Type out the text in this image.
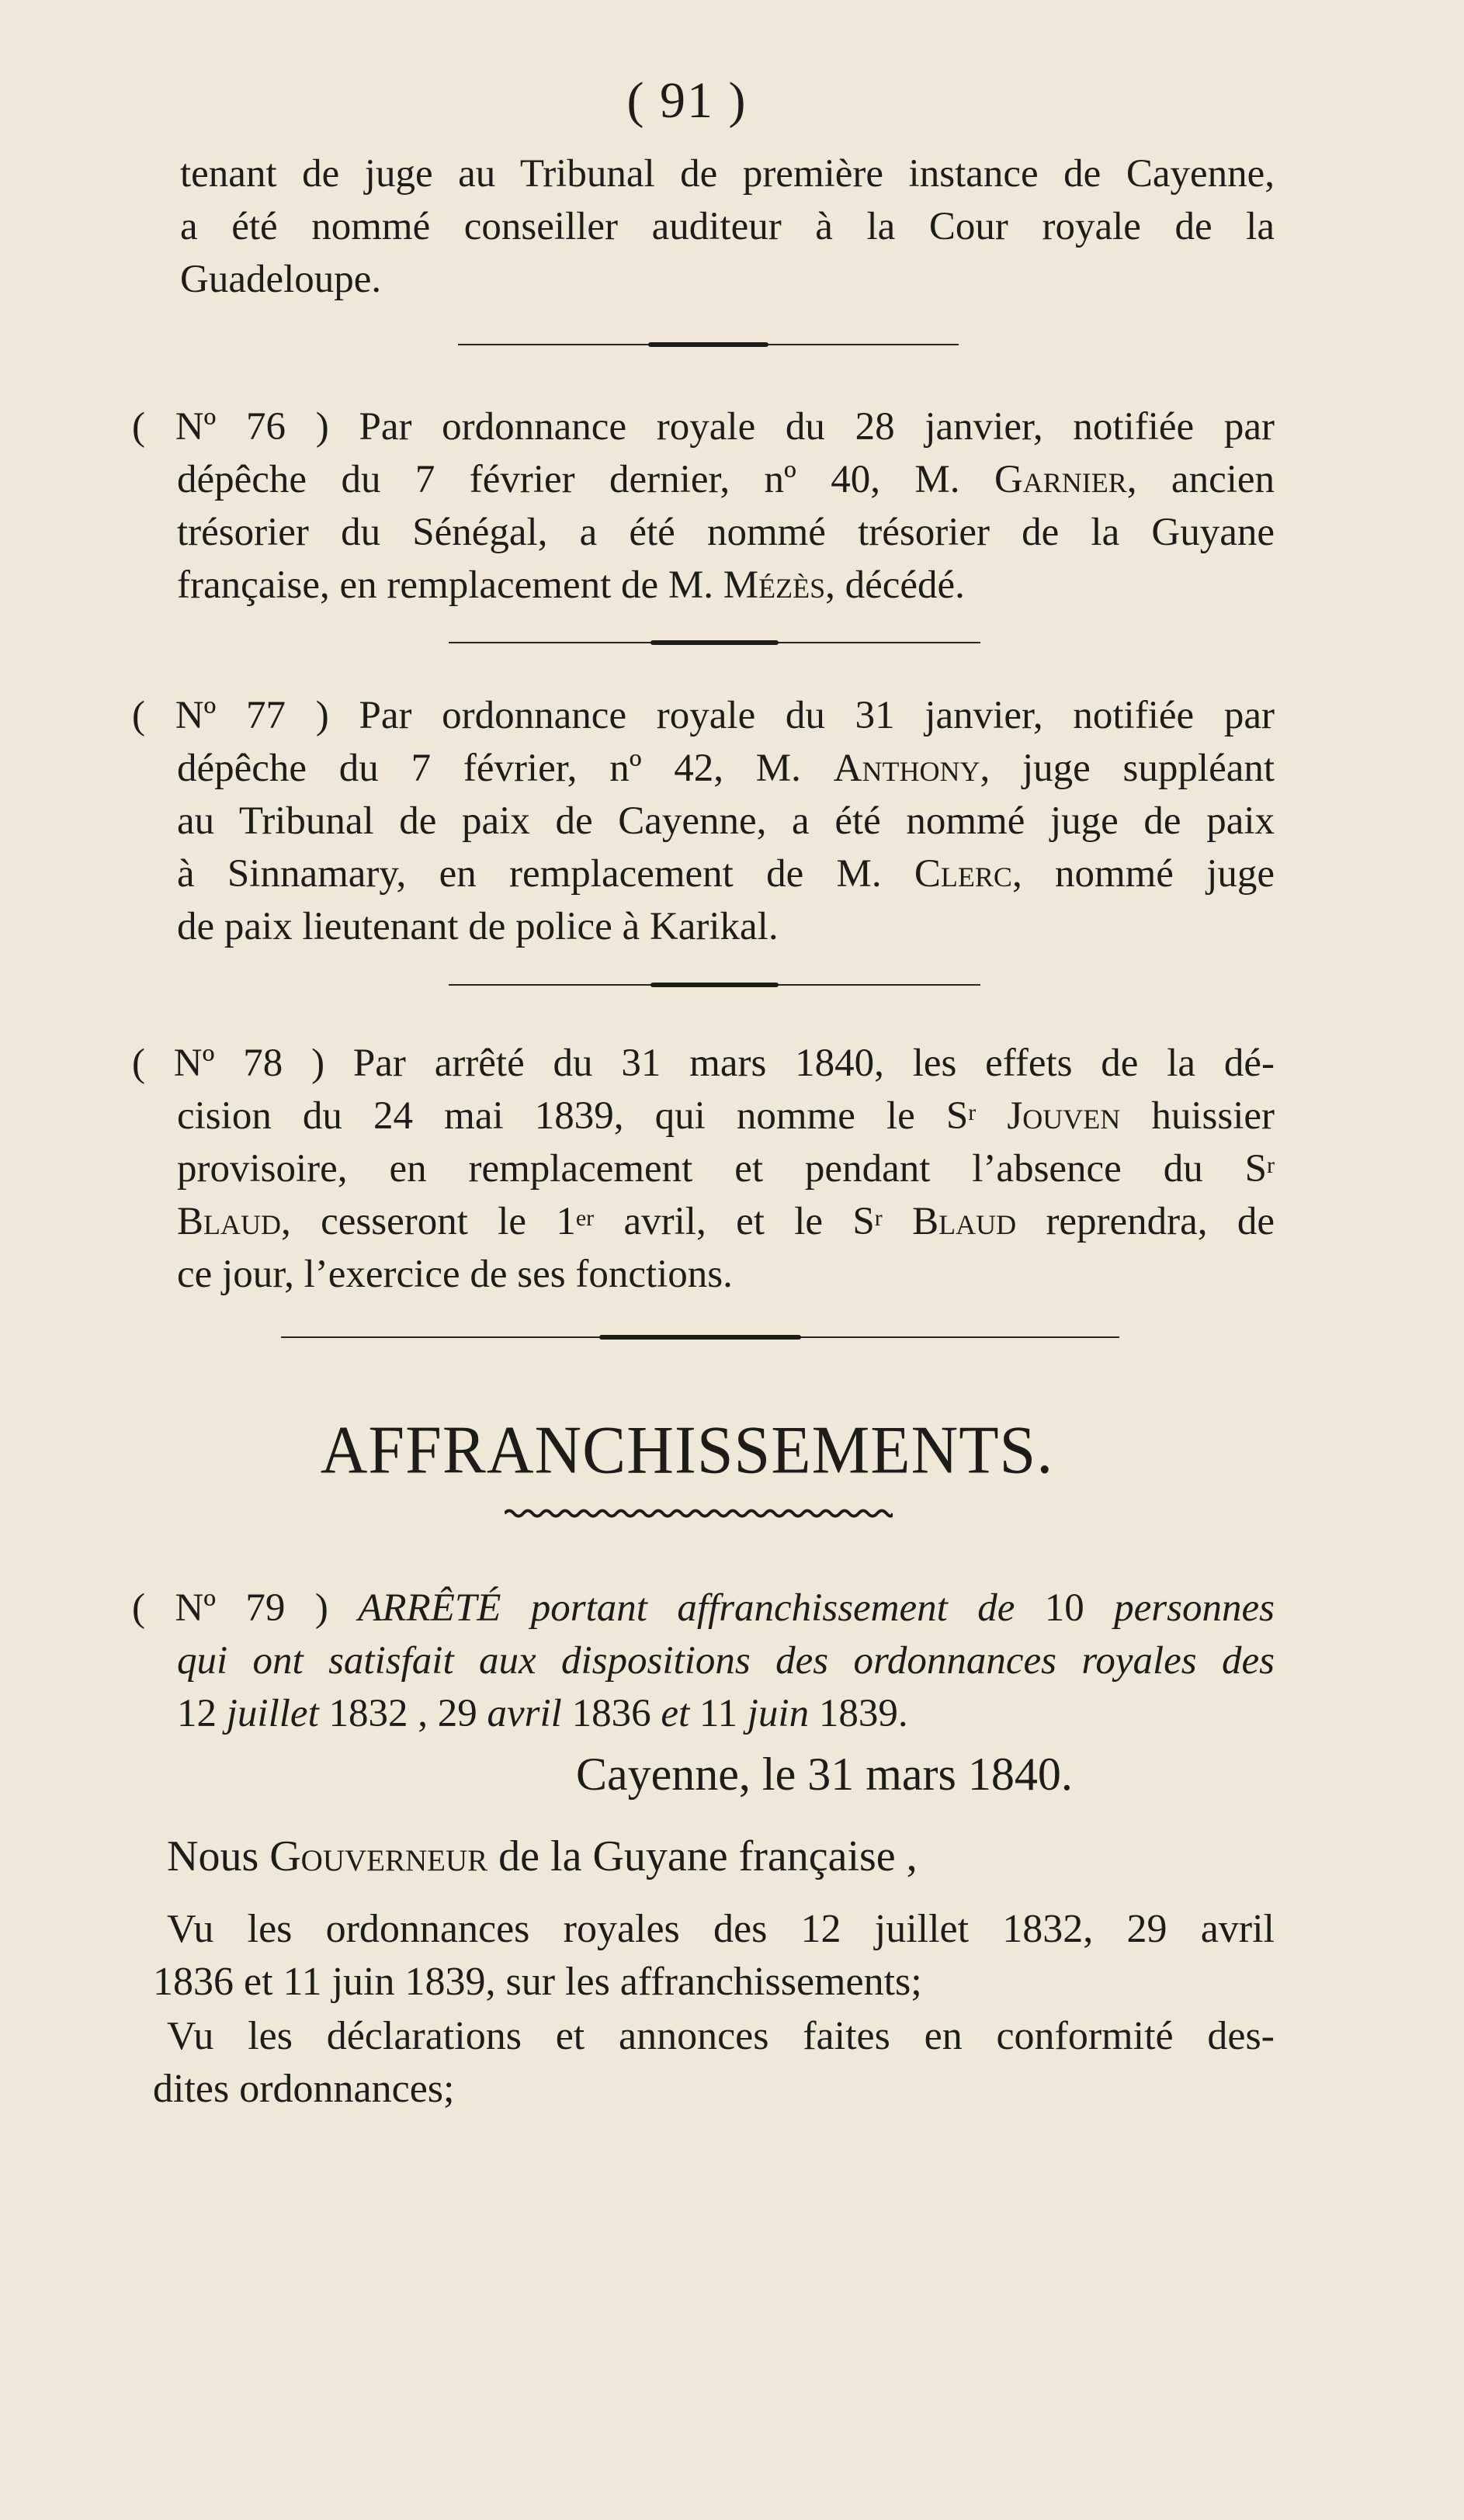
( 91 )
tenant de juge au Tribunal de première instance de Cayenne,
a été nommé conseiller auditeur à la Cour royale de la
Guadeloupe.
( Nº 76 ) Par ordonnance royale du 28 janvier, notifiée par
dépêche du 7 février dernier, nº 40, M. Garnier, ancien
trésorier du Sénégal, a été nommé trésorier de la Guyane
française, en remplacement de M. Mézès, décédé.
( Nº 77 ) Par ordonnance royale du 31 janvier, notifiée par
dépêche du 7 février, nº 42, M. Anthony, juge suppléant
au Tribunal de paix de Cayenne, a été nommé juge de paix
à Sinnamary, en remplacement de M. Clerc, nommé juge
de paix lieutenant de police à Karikal.
( Nº 78 ) Par arrêté du 31 mars 1840, les effets de la dé-
cision du 24 mai 1839, qui nomme le $S^r$ Jouven huissier
provisoire, en remplacement et pendant l’absence du $S^r$
Blaud, cesseront le 1er avril, et le $S^r$ Blaud reprendra, de
ce jour, l’exercice de ses fonctions.
AFFRANCHISSEMENTS.
( Nº 79 ) ARRÊTÉ portant affranchissement de 10 personnes
qui ont satisfait aux dispositions des ordonnances royales des
12 juillet 1832 , 29 avril 1836 et 11 juin 1839.
Cayenne, le 31 mars 1840.
Nous Gouverneur de la Guyane française ,
Vu les ordonnances royales des 12 juillet 1832, 29 avril
1836 et 11 juin 1839, sur les affranchissements;
Vu les déclarations et annonces faites en conformité des-
dites ordonnances;
